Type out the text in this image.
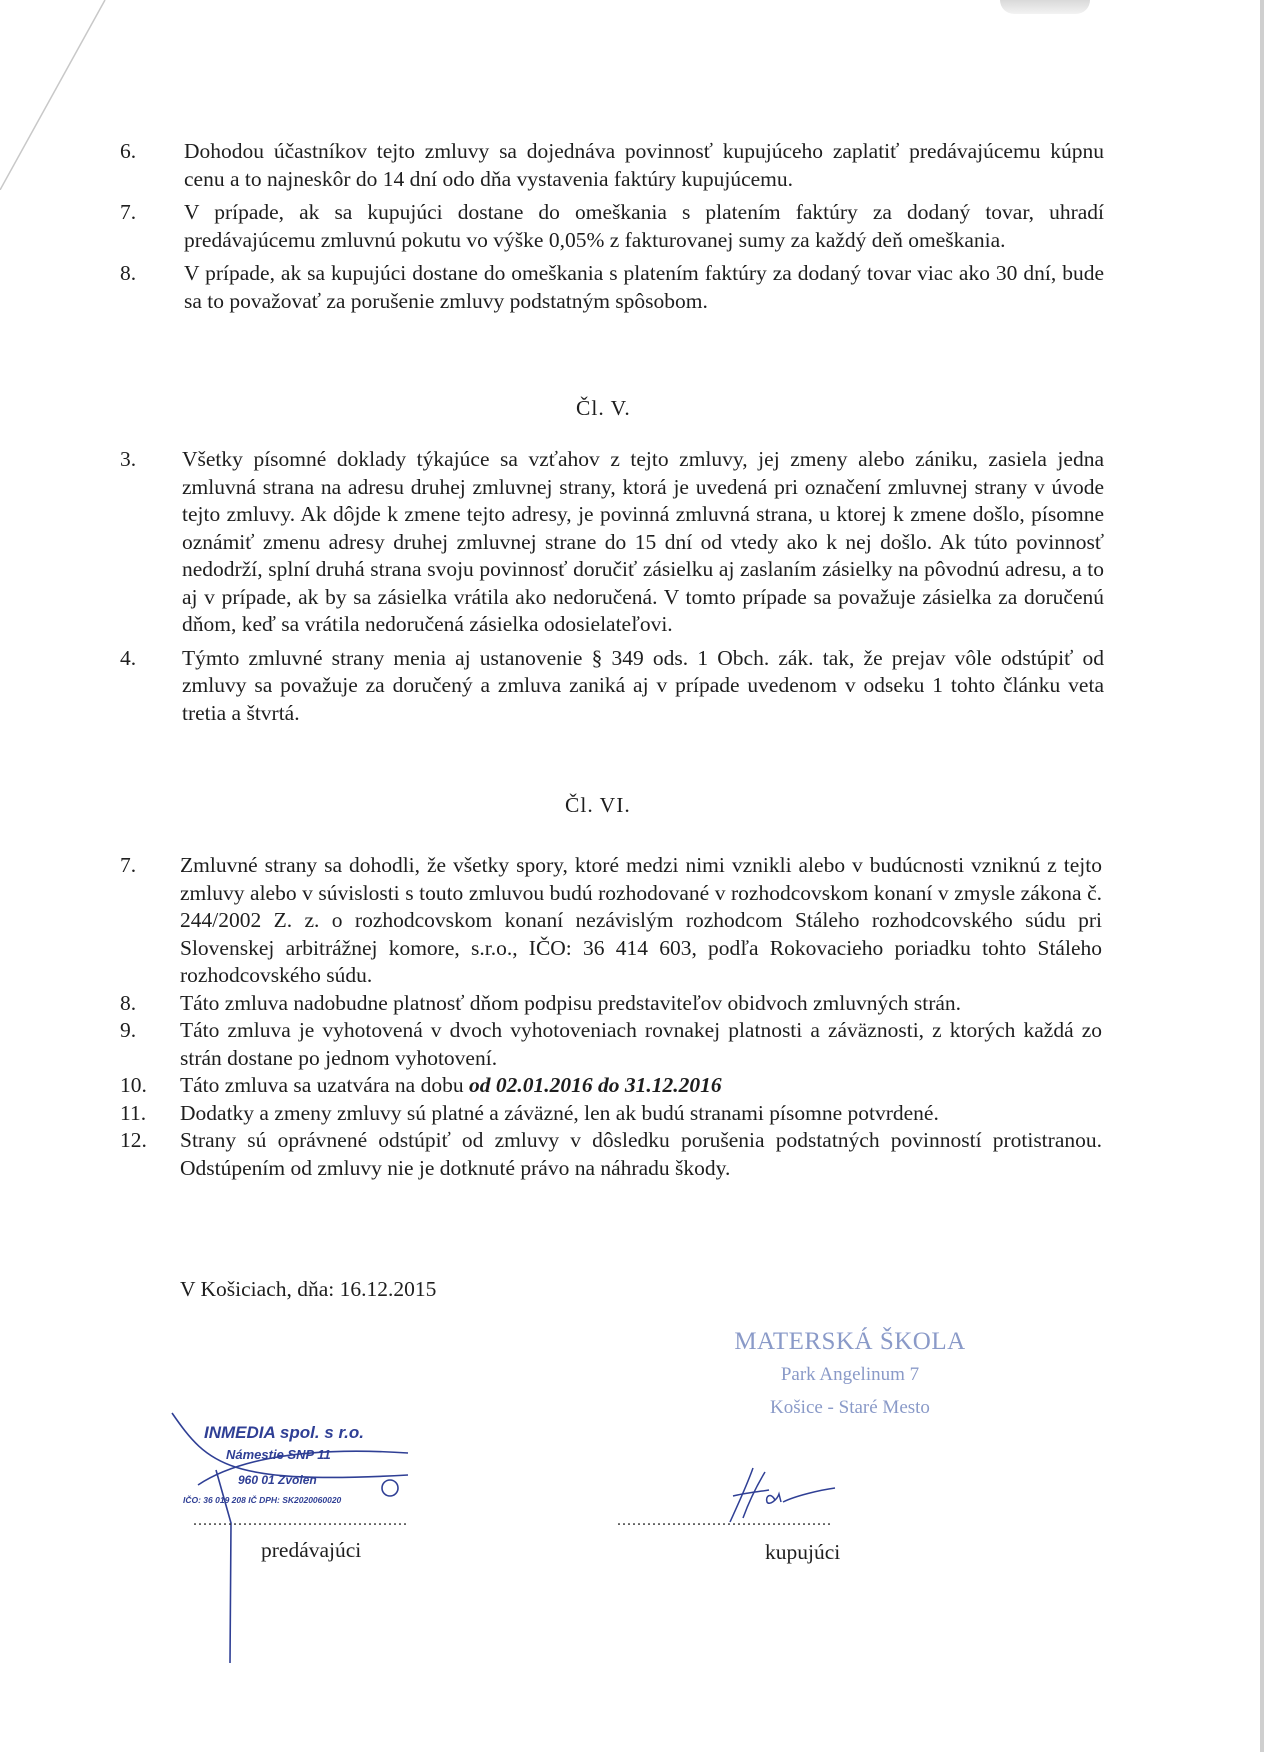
6. Dohodou účastníkov tejto zmluvy sa dojednáva povinnosť kupujúceho zaplatiť predávajúcemu kúpnu cenu a to najneskôr do 14 dní odo dňa vystavenia faktúry kupujúcemu.
7. V prípade, ak sa kupujúci dostane do omeškania s platením faktúry za dodaný tovar, uhradí predávajúcemu zmluvnú pokutu vo výške 0,05% z fakturovanej sumy za každý deň omeškania.
8. V prípade, ak sa kupujúci dostane do omeškania s platením faktúry za dodaný tovar viac ako 30 dní, bude sa to považovať za porušenie zmluvy podstatným spôsobom.
Čl. V.
3. Všetky písomné doklady týkajúce sa vzťahov z tejto zmluvy, jej zmeny alebo zániku, zasiela jedna zmluvná strana na adresu druhej zmluvnej strany, ktorá je uvedená pri označení zmluvnej strany v úvode tejto zmluvy. Ak dôjde k zmene tejto adresy, je povinná zmluvná strana, u ktorej k zmene došlo, písomne oznámiť zmenu adresy druhej zmluvnej strane do 15 dní od vtedy ako k nej došlo. Ak túto povinnosť nedodrží, splní druhá strana svoju povinnosť doručiť zásielku aj zaslaním zásielky na pôvodnú adresu, a to aj v prípade, ak by sa zásielka vrátila ako nedoručená. V tomto prípade sa považuje zásielka za doručenú dňom, keď sa vrátila nedoručená zásielka odosielateľovi.
4. Týmto zmluvné strany menia aj ustanovenie § 349 ods. 1 Obch. zák. tak, že prejav vôle odstúpiť od zmluvy sa považuje za doručený a zmluva zaniká aj v prípade uvedenom v odseku 1 tohto článku veta tretia a štvrtá.
Čl. VI.
7. Zmluvné strany sa dohodli, že všetky spory, ktoré medzi nimi vznikli alebo v budúcnosti vzniknú z tejto zmluvy alebo v súvislosti s touto zmluvou budú rozhodované v rozhodcovskom konaní v zmysle zákona č. 244/2002 Z. z. o rozhodcovskom konaní nezávislým rozhodcom Stáleho rozhodcovského súdu pri Slovenskej arbitrážnej komore, s.r.o., IČO: 36 414 603, podľa Rokovacieho poriadku tohto Stáleho rozhodcovského súdu.
8. Táto zmluva nadobudne platnosť dňom podpisu predstaviteľov obidvoch zmluvných strán.
9. Táto zmluva je vyhotovená v dvoch vyhotoveniach rovnakej platnosti a záväznosti, z ktorých každá zo strán dostane po jednom vyhotovení.
10. Táto zmluva sa uzatvára na dobu od 02.01.2016 do 31.12.2016
11. Dodatky a zmeny zmluvy sú platné a záväzné, len ak budú stranami písomne potvrdené.
12. Strany sú oprávnené odstúpiť od zmluvy v dôsledku porušenia podstatných povinností protistranou. Odstúpením od zmluvy nie je dotknuté právo na náhradu škody.
V Košiciach, dňa: 16.12.2015
MATERSKÁ ŠKOLA
Park Angelinum 7
Košice - Staré Mesto
INMEDIA spol. s r.o.
Námestie SNP 11
960 01 Zvolen
IČO: 36 019 208 IČ DPH: SK2020060020
...........................................	...........................................
predávajúci	kupujúci
